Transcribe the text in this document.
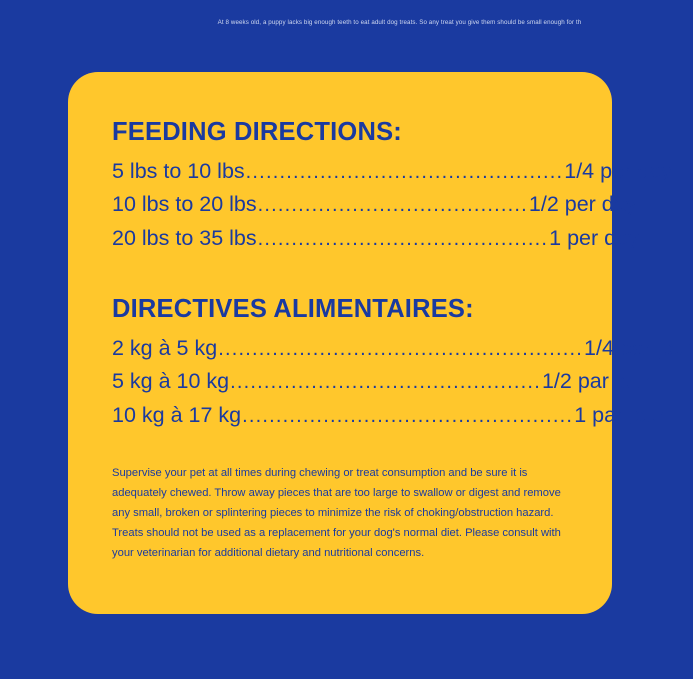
At 8 weeks old, a puppy lacks big enough teeth to eat adult dog treats. So any treat you give them should be small enough for th
FEEDING DIRECTIONS:
5 lbs to 10 lbs ............................................... 1/4 per day
10 lbs to 20 lbs ........................................ 1/2 per day
20 lbs to 35 lbs ........................................... 1 per day
DIRECTIVES ALIMENTAIRES:
2 kg à 5 kg ...................................................... 1/4 par jour
5 kg à 10 kg .............................................. 1/2 par jour
10 kg à 17 kg ................................................. 1 par jour

Supervise your pet at all times during chewing or treat consumption and be sure it is adequately chewed. Throw away pieces that are too large to swallow or digest and remove any small, broken or splintering pieces to minimize the risk of choking/obstruction hazard. Treats should not be used as a replacement for your dog's normal diet. Please consult with your veterinarian for additional dietary and nutritional concerns.
